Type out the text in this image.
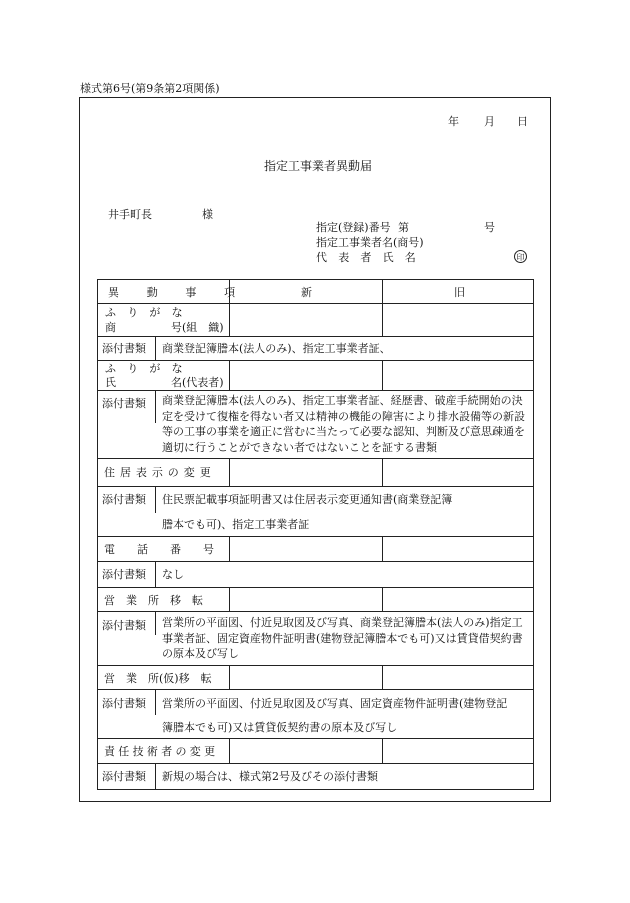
様式第6号(第9条第2項関係)
年 月 日
指定工事業者異動届
井手町長	様
指定(登録)番号 第	号
指定工事業者名(商号)
代 表 者 氏 名	印
異 動 事 項	新	旧
ふ り が な
商　　　　　号(組　織)
添付書類 商業登記簿謄本(法人のみ)、指定工事業者証、
ふ り が な
氏　　　　　名(代表者)
添付書類 商業登記簿謄本(法人のみ)、指定工事業者証、経歴書、破産手続開始の決定を受けて復権を得ない者又は精神の機能の障害により排水設備等の新設等の工事の事業を適正に営むに当たって必要な認知、判断及び意思疎通を適切に行うことができない者ではないことを証する書類
住居表示の変更
添付書類 住民票記載事項証明書又は住居表示変更通知書(商業登記簿
謄本でも可)、指定工事業者証
電　　話　　番　　号
添付書類 なし
営　業　所　移　転
添付書類 営業所の平面図、付近見取図及び写真、商業登記簿謄本(法人のみ)指定工事業者証、固定資産物件証明書(建物登記簿謄本でも可)又は賃貸借契約書の原本及び写し
営　業　所(仮)移　転
添付書類 営業所の平面図、付近見取図及び写真、固定資産物件証明書(建物登記
簿謄本でも可)又は賃貸仮契約書の原本及び写し
責任技術者の変更
添付書類 新規の場合は、様式第2号及びその添付書類
